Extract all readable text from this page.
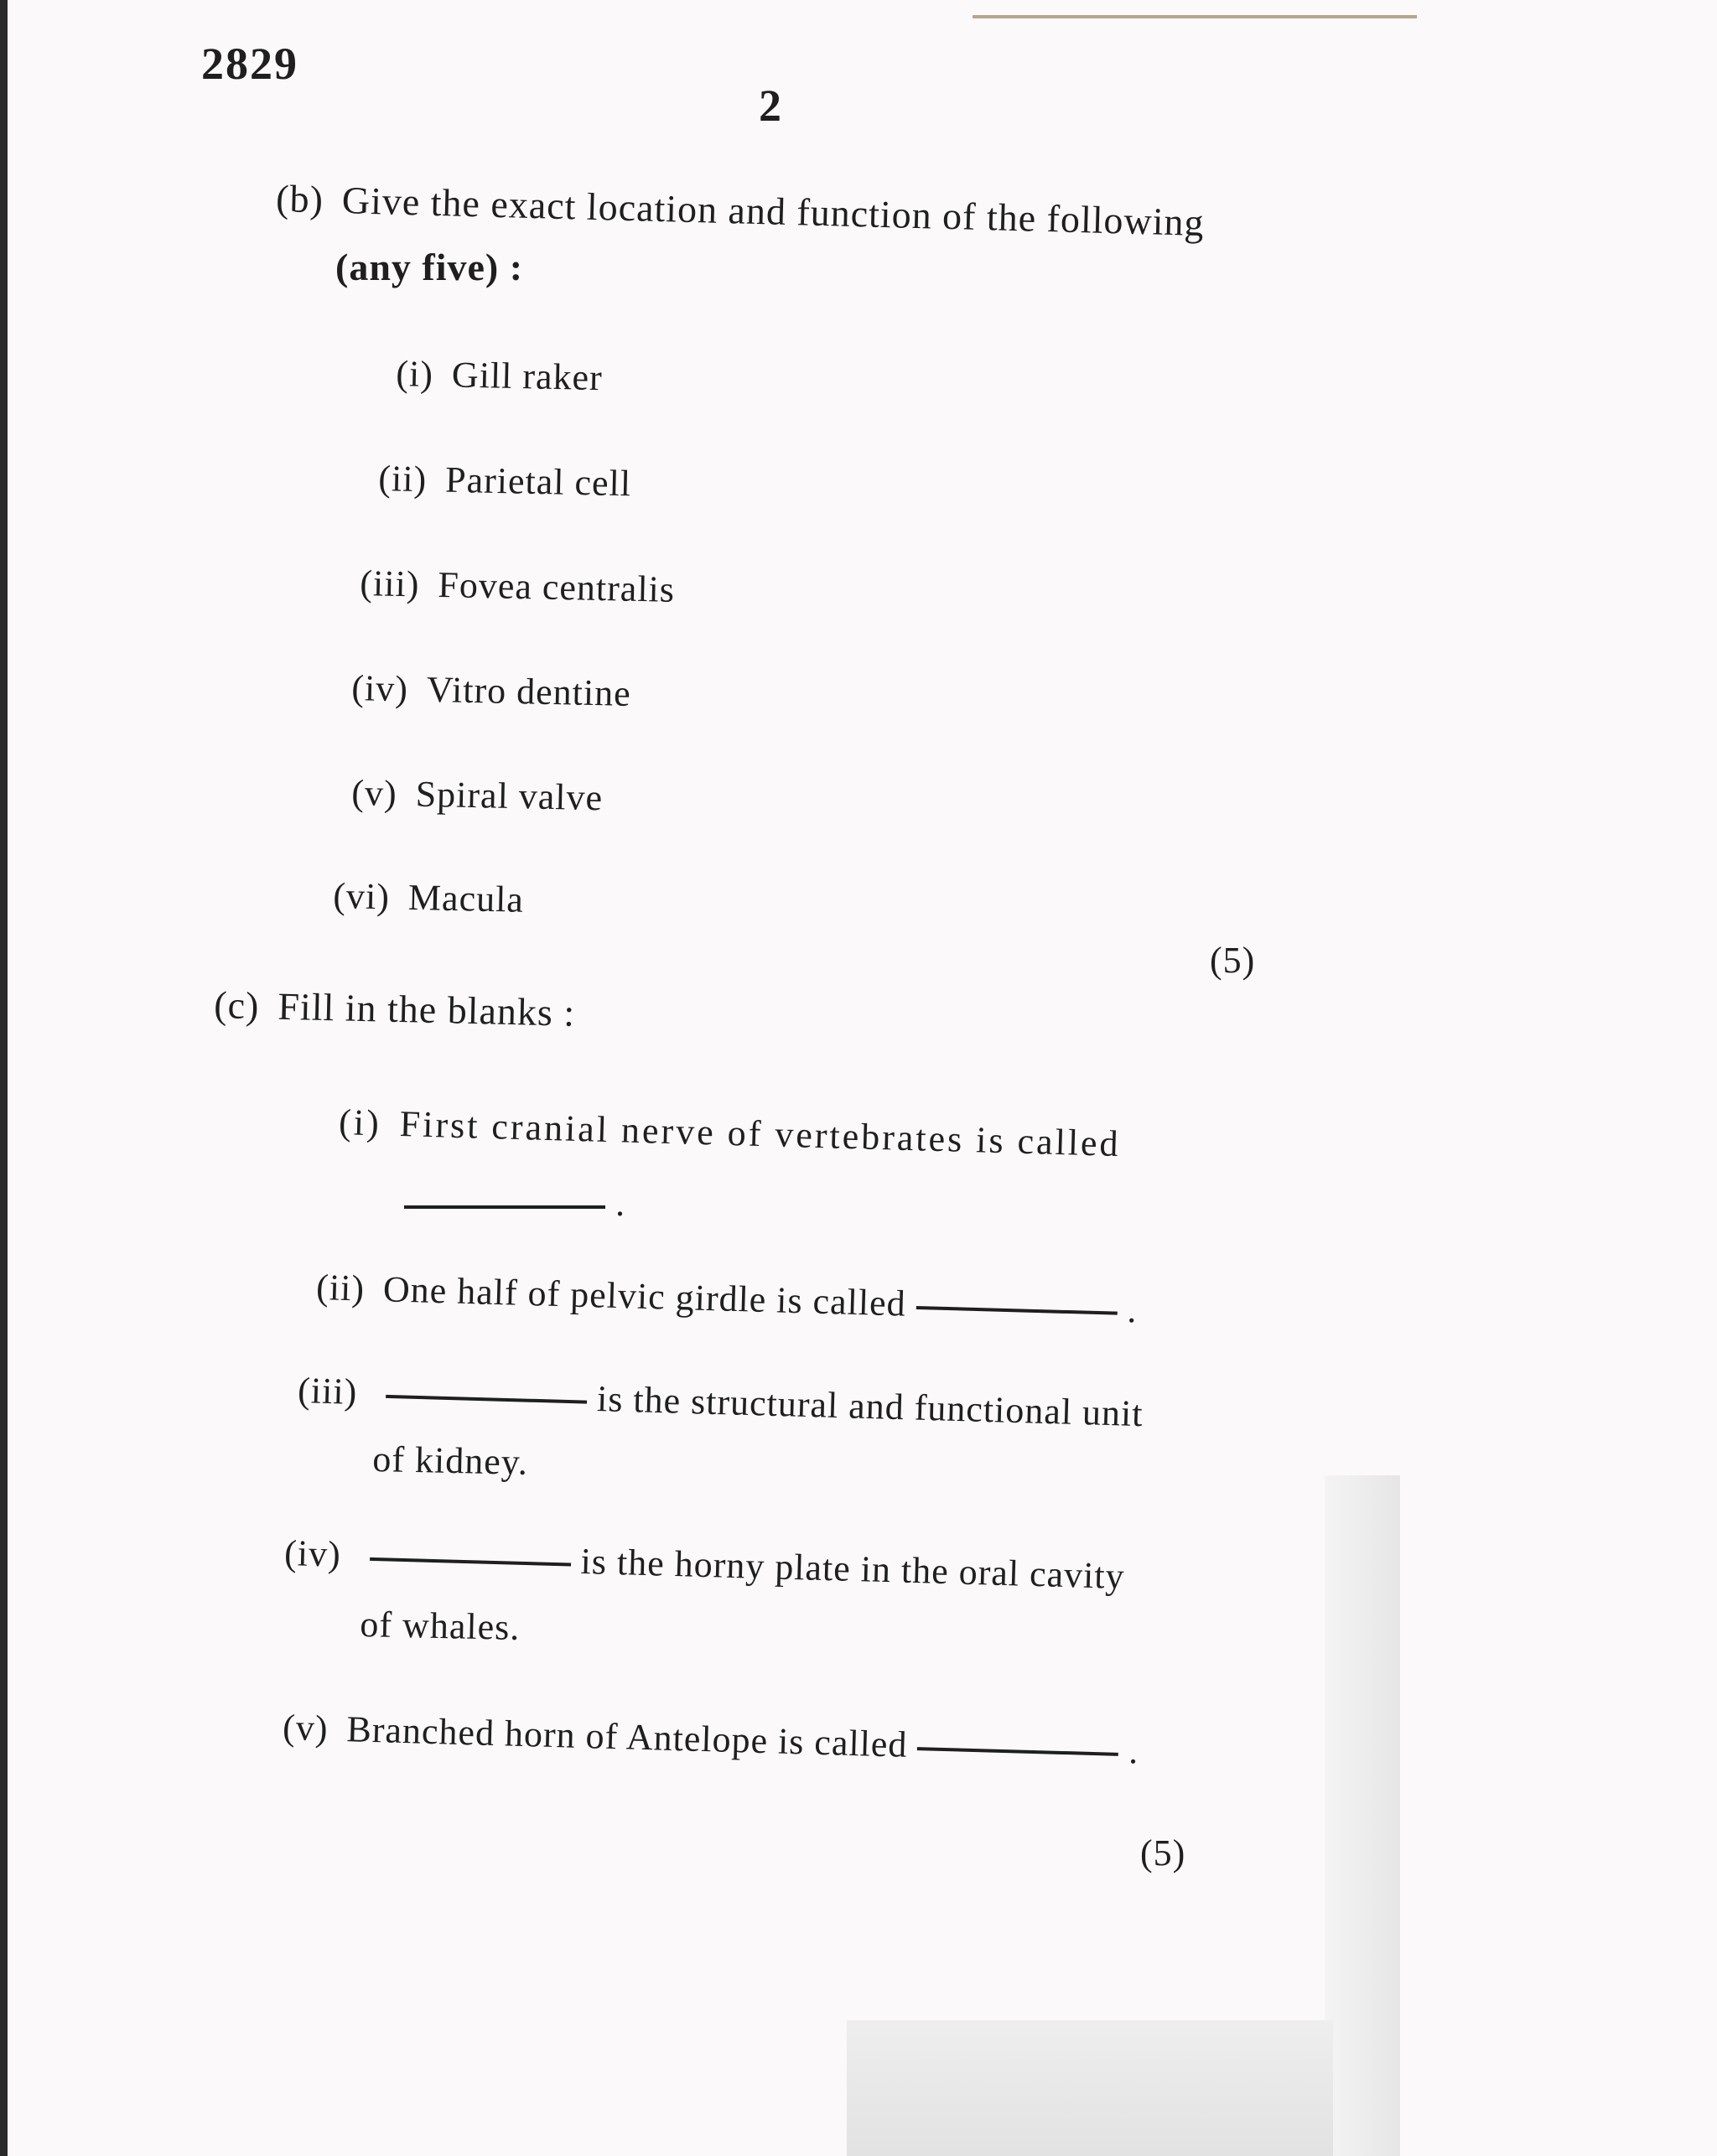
2829
2
(b) Give the exact location and function of the following
(any five) :
(i) Gill raker
(ii) Parietal cell
(iii) Fovea centralis
(iv) Vitro dentine
(v) Spiral valve
(vi) Macula
(5)
(c) Fill in the blanks :
(i) First cranial nerve of vertebrates is called
.
(ii) One half of pelvic girdle is called	.
(iii)	is the structural and functional unit
of kidney.
(iv)	is the horny plate in the oral cavity
of whales.
(v) Branched horn of Antelope is called	.
(5)
